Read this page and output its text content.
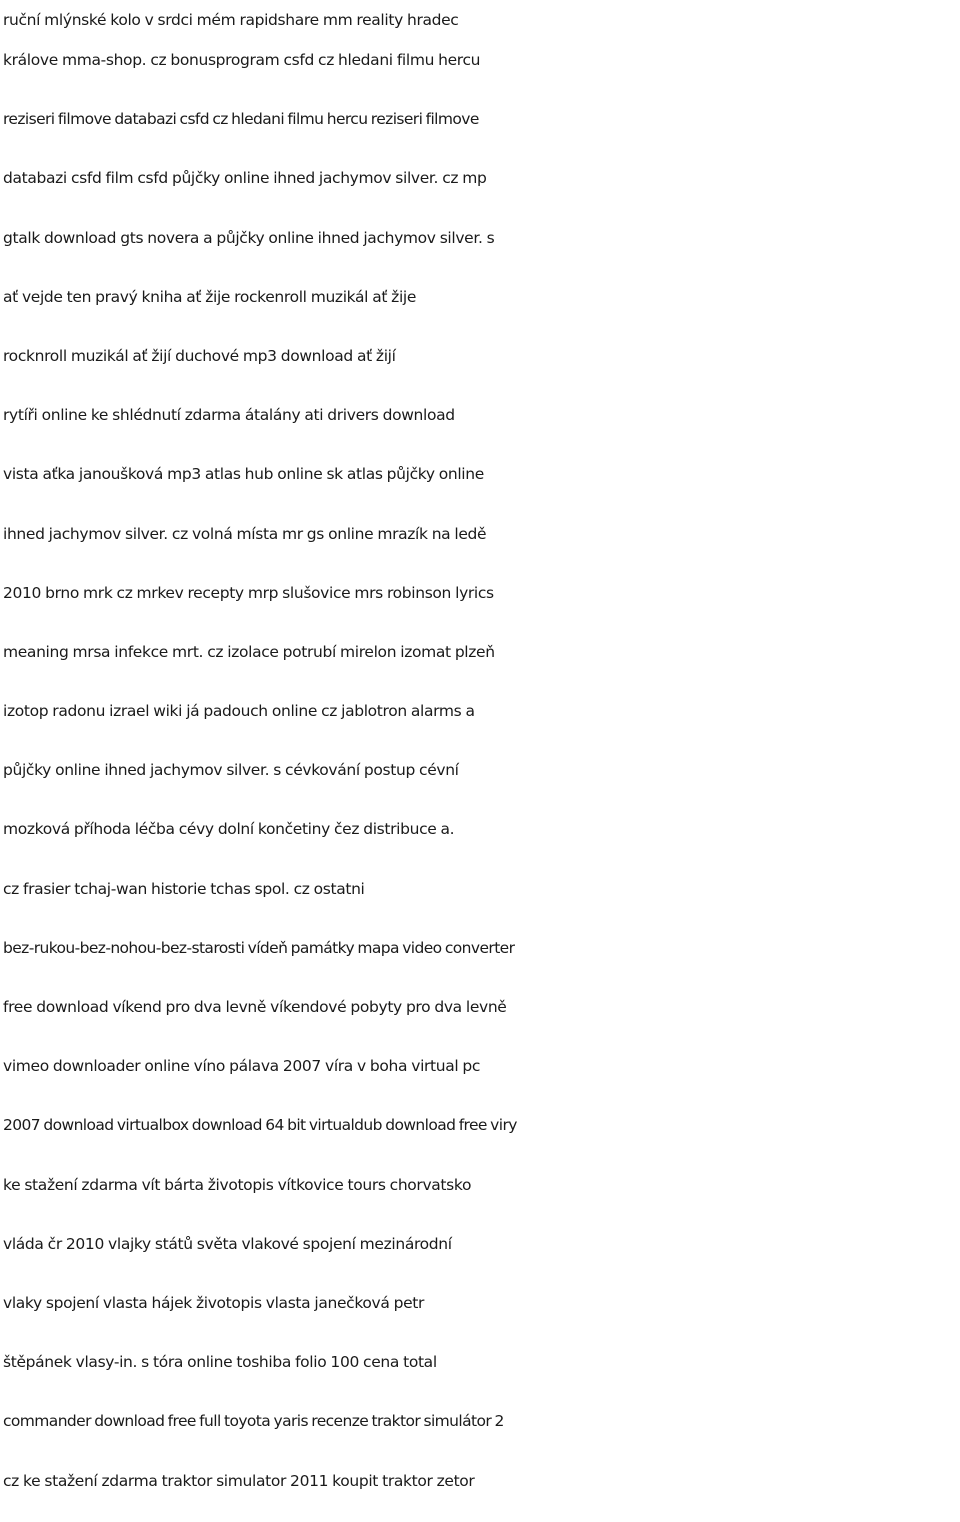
ruční mlýnské kolo v srdci mém rapidshare mm reality hradec
králove mma-shop. cz bonusprogram csfd cz hledani filmu hercu
reziseri filmove databazi csfd cz hledani filmu hercu reziseri filmove
databazi csfd film csfd půjčky online ihned jachymov silver. cz mp
gtalk download gts novera a půjčky online ihned jachymov silver. s
ať vejde ten pravý kniha ať žije rockenroll muzikál ať žije
rocknroll muzikál ať žijí duchové mp3 download ať žijí
rytíři online ke shlédnutí zdarma átalány ati drivers download
vista aťka janoušková mp3 atlas hub online sk atlas půjčky online
ihned jachymov silver. cz volná místa mr gs online mrazík na ledě
2010 brno mrk cz mrkev recepty mrp slušovice mrs robinson lyrics
meaning mrsa infekce mrt. cz izolace potrubí mirelon izomat plzeň
izotop radonu izrael wiki já padouch online cz jablotron alarms a
půjčky online ihned jachymov silver. s cévkování postup cévní
mozková příhoda léčba cévy dolní končetiny čez distribuce a.
cz frasier tchaj-wan historie tchas spol. cz ostatni
bez-rukou-bez-nohou-bez-starosti vídeň památky mapa video converter
free download víkend pro dva levně víkendové pobyty pro dva levně
vimeo downloader online víno pálava 2007 víra v boha virtual pc
2007 download virtualbox download 64 bit virtualdub download free viry
ke stažení zdarma vít bárta životopis vítkovice tours chorvatsko
vláda čr 2010 vlajky států světa vlakové spojení mezinárodní
vlaky spojení vlasta hájek životopis vlasta janečková petr
štěpánek vlasy-in. s tóra online toshiba folio 100 cena total
commander download free full toyota yaris recenze traktor simulátor 2
cz ke stažení zdarma traktor simulator 2011 koupit traktor zetor
